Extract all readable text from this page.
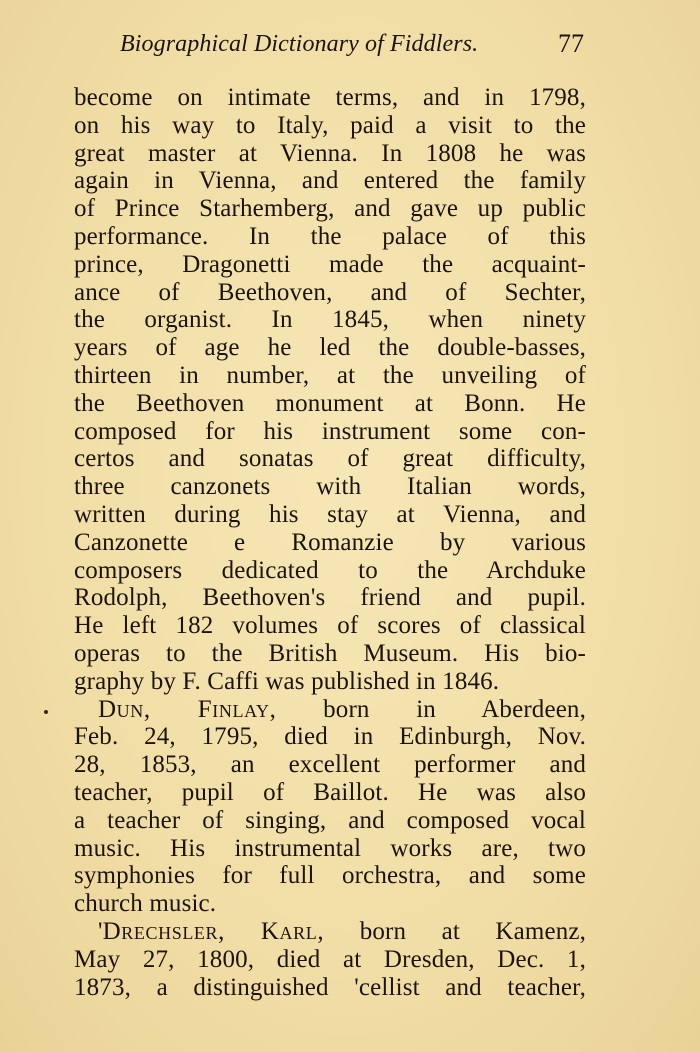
Biographical Dictionary of Fiddlers.	77
become on intimate terms, and in 1798,
on his way to Italy, paid a visit to the
great master at Vienna. In 1808 he was
again in Vienna, and entered the family
of Prince Starhemberg, and gave up public
performance. In the palace of this
prince, Dragonetti made the acquaint-
ance of Beethoven, and of Sechter,
the organist. In 1845, when ninety
years of age he led the double-basses,
thirteen in number, at the unveiling of
the Beethoven monument at Bonn. He
composed for his instrument some con-
certos and sonatas of great difficulty,
three canzonets with Italian words,
written during his stay at Vienna, and
Canzonette e Romanzie by various
composers dedicated to the Archduke
Rodolph, Beethoven's friend and pupil.
He left 182 volumes of scores of classical
operas to the British Museum. His bio-
graphy by F. Caffi was published in 1846.
Dun, Finlay, born in Aberdeen,
Feb. 24, 1795, died in Edinburgh, Nov.
28, 1853, an excellent performer and
teacher, pupil of Baillot. He was also
a teacher of singing, and composed vocal
music. His instrumental works are, two
symphonies for full orchestra, and some
church music.
'Drechsler, Karl, born at Kamenz,
May 27, 1800, died at Dresden, Dec. 1,
1873, a distinguished 'cellist and teacher,
